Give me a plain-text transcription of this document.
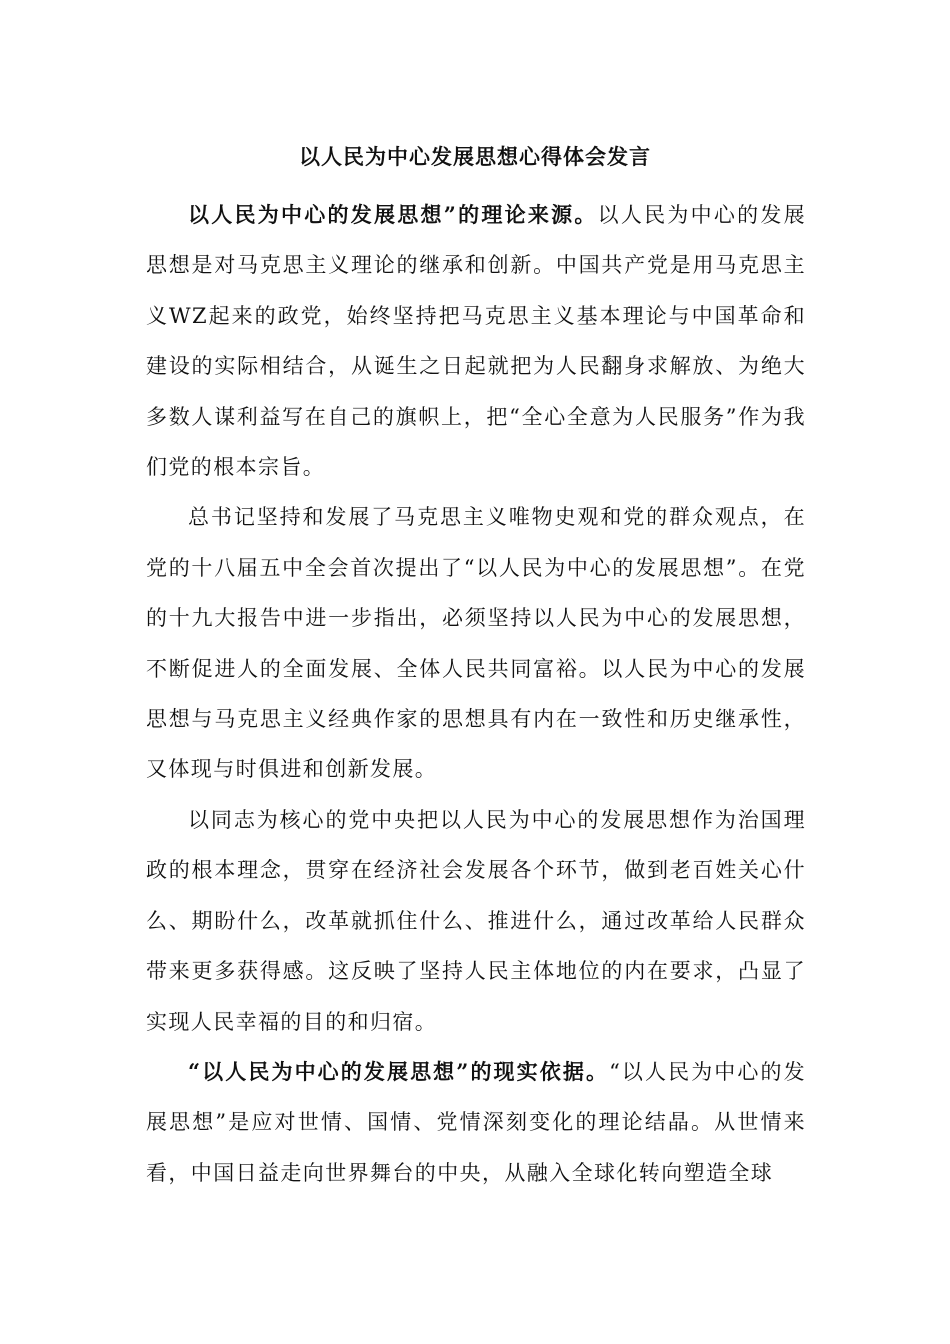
以人民为中心发展思想心得体会发言

以人民为中心的发展思想”的理论来源。以人民为中心的发展思想是对马克思主义理论的继承和创新。中国共产党是用马克思主义WZ起来的政党，始终坚持把马克思主义基本理论与中国革命和建设的实际相结合，从诞生之日起就把为人民翻身求解放、为绝大多数人谋利益写在自己的旗帜上，把“全心全意为人民服务”作为我们党的根本宗旨。

总书记坚持和发展了马克思主义唯物史观和党的群众观点，在党的十八届五中全会首次提出了“以人民为中心的发展思想”。在党的十九大报告中进一步指出，必须坚持以人民为中心的发展思想，不断促进人的全面发展、全体人民共同富裕。以人民为中心的发展思想与马克思主义经典作家的思想具有内在一致性和历史继承性，又体现与时俱进和创新发展。

以同志为核心的党中央把以人民为中心的发展思想作为治国理政的根本理念，贯穿在经济社会发展各个环节，做到老百姓关心什么、期盼什么，改革就抓住什么、推进什么，通过改革给人民群众带来更多获得感。这反映了坚持人民主体地位的内在要求，凸显了实现人民幸福的目的和归宿。

“以人民为中心的发展思想”的现实依据。“以人民为中心的发展思想”是应对世情、国情、党情深刻变化的理论结晶。从世情来看，中国日益走向世界舞台的中央，从融入全球化转向塑造全球
